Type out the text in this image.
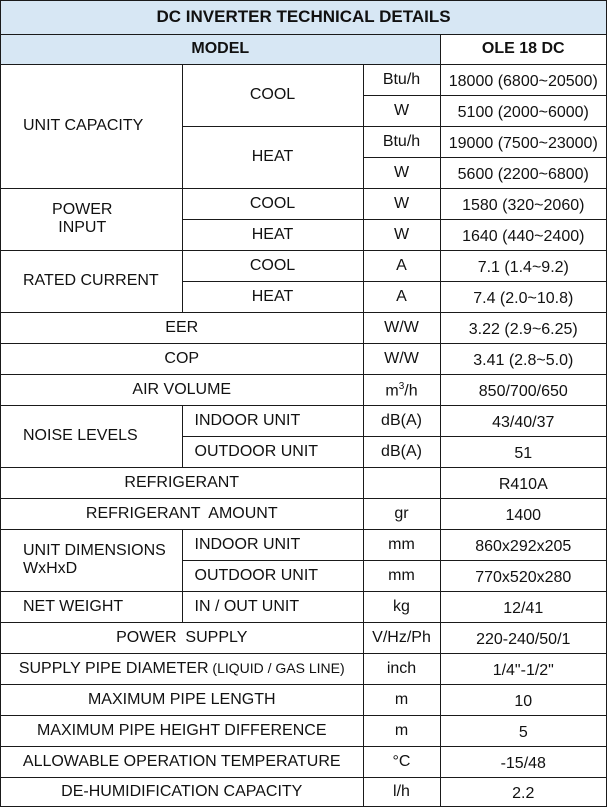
DC INVERTER TECHNICAL DETAILS			
MODEL			OLE 18 DC
UNIT CAPACITY	COOL	Btu/h	18000 (6800~20500)
		W	5100 (2000~6000)
	HEAT	Btu/h	19000 (7500~23000)
		W	5600 (2200~6800)

POWER
INPUT	COOL	W	1580 (320~2060)
	HEAT	W	1640 (440~2400)
RATED CURRENT	COOL	A	7.1 (1.4~9.2)
	HEAT	A	7.4 (2.0~10.8)
EER		W/W	3.22 (2.9~6.25)
COP		W/W	3.41 (2.8~5.0)
AIR VOLUME		$m^3/h$	850/700/650
NOISE LEVELS	INDOOR UNIT	dB(A)	43/40/37
	OUTDOOR UNIT	dB(A)	51
REFRIGERANT			R410A
REFRIGERANT  AMOUNT		gr	1400

UNIT DIMENSIONS
WxHxD	INDOOR UNIT	mm	860x292x205
	OUTDOOR UNIT	mm	770x520x280
NET WEIGHT	IN / OUT UNIT	kg	12/41
POWER  SUPPLY		V/Hz/Ph	220-240/50/1
SUPPLY PIPE DIAMETER (LIQUID / GAS LINE)		inch	1/4"-1/2"
MAXIMUM PIPE LENGTH		m	10
MAXIMUM PIPE HEIGHT DIFFERENCE		m	5
ALLOWABLE OPERATION TEMPERATURE		°C	-15/48
DE-HUMIDIFICATION CAPACITY		l/h	2.2
